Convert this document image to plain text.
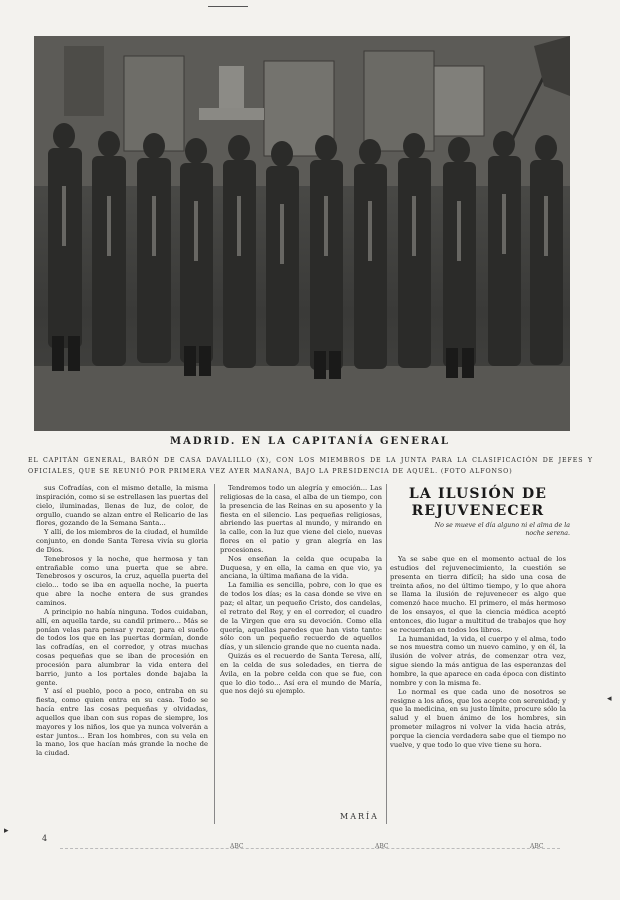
MADRID. EN LA CAPITANÍA GENERAL
EL CAPITÁN GENERAL, BARÓN DE CASA DAVALILLO (X), CON LOS MIEMBROS DE LA JUNTA PARA LA CLASIFICACIÓN DE JEFES Y OFICIALES, QUE SE REUNIÓ POR PRIMERA VEZ AYER MAÑANA, BAJO LA PRESIDENCIA DE AQUÉL. (FOTO ALFONSO)

sus Cofradías, con el mismo detalle, la misma inspiración, como si se estrellasen las puertas del cielo, iluminadas, llenas de luz, de color, de orgullo, cuando se alzan entre el Relicario de las flores, gozando de la Semana Santa...

Y allí, de los miembros de la ciudad, el humilde conjunto, en donde Santa Teresa vivía su gloria de Dios.

Tenebrosos y la noche, que hermosa y tan entrañable como una puerta que se abre. Tenebrosos y oscuros, la cruz, aquella puerta del cielo... todo se iba en aquella noche, la puerta que abre la noche entera de sus grandes caminos.

A principio no había ninguna. Todos cuidaban, allí, en aquella tarde, su candil primero... Más se ponían velas para pensar y rezar, para el sueño de todos los que en las puertas dormían, donde las cofradías, en el corredor, y otras muchas cosas pequeñas que se iban de procesión en procesión para alumbrar la vida entera del barrio, junto a los portales donde bajaba la gente.

Y así el pueblo, poco a poco, entraba en su fiesta, como quien entra en su casa. Todo se hacía entre las cosas pequeñas y olvidadas, aquellos que iban con sus ropas de siempre, los mayores y los niños, los que ya nunca volverán a estar juntos... Eran los hombres, con su vela en la mano, los que hacían más grande la noche de la ciudad.

Tendremos todo un alegría y emoción... Las religiosas de la casa, el alba de un tiempo, con la presencia de las Reinas en su aposento y la fiesta en el silencio. Las pequeñas religiosas, abriendo las puertas al mundo, y mirando en la calle, con la luz que viene del cielo, nuevas flores en el patio y gran alegría en las procesiones.

Nos enseñan la celda que ocupaba la Duquesa, y en ella, la cama en que vio, ya anciana, la última mañana de la vida.

La familia es sencilla, pobre, con lo que es de todos los días; es la casa donde se vive en paz; el altar, un pequeño Cristo, dos candelas, el retrato del Rey, y en el corredor, el cuadro de la Virgen que era su devoción. Como ella quería, aquellas paredes que han visto tanto: sólo con un pequeño recuerdo de aquellos días, y un silencio grande que no cuenta nada.

Quizás es el recuerdo de Santa Teresa, allí, en la celda de sus soledades, en tierra de Ávila, en la pobre celda con que se fue, con que lo dio todo... Así era el mundo de María, que nos dejó su ejemplo.

MARÍA
LA ILUSIÓN DE REJUVENECER
No se mueve el día alguno ni el alma de la noche serena.

Ya se sabe que en el momento actual de los estudios del rejuvenecimiento, la cuestión se presenta en tierra difícil; ha sido una cosa de treinta años, no del último tiempo, y lo que ahora se llama la ilusión de rejuvenecer es algo que comenzó hace mucho. El primero, el más hermoso de los ensayos, el que la ciencia médica aceptó entonces, dio lugar a multitud de trabajos que hoy se recuerdan en todos los libros.

La humanidad, la vida, el cuerpo y el alma, todo se nos muestra como un nuevo camino, y en él, la ilusión de volver atrás, de comenzar otra vez, sigue siendo la más antigua de las esperanzas del hombre, la que aparece en cada época con distinto nombre y con la misma fe.

Lo normal es que cada uno de nosotros se resigne a los años, que los acepte con serenidad; y que la medicina, en su justo límite, procure sólo la salud y el buen ánimo de los hombres, sin prometer milagros ni volver la vida hacia atrás, porque la ciencia verdadera sabe que el tiempo no vuelve, y que todo lo que vive tiene su hora.

4
ABC	ABC	ABC
▸
◂
